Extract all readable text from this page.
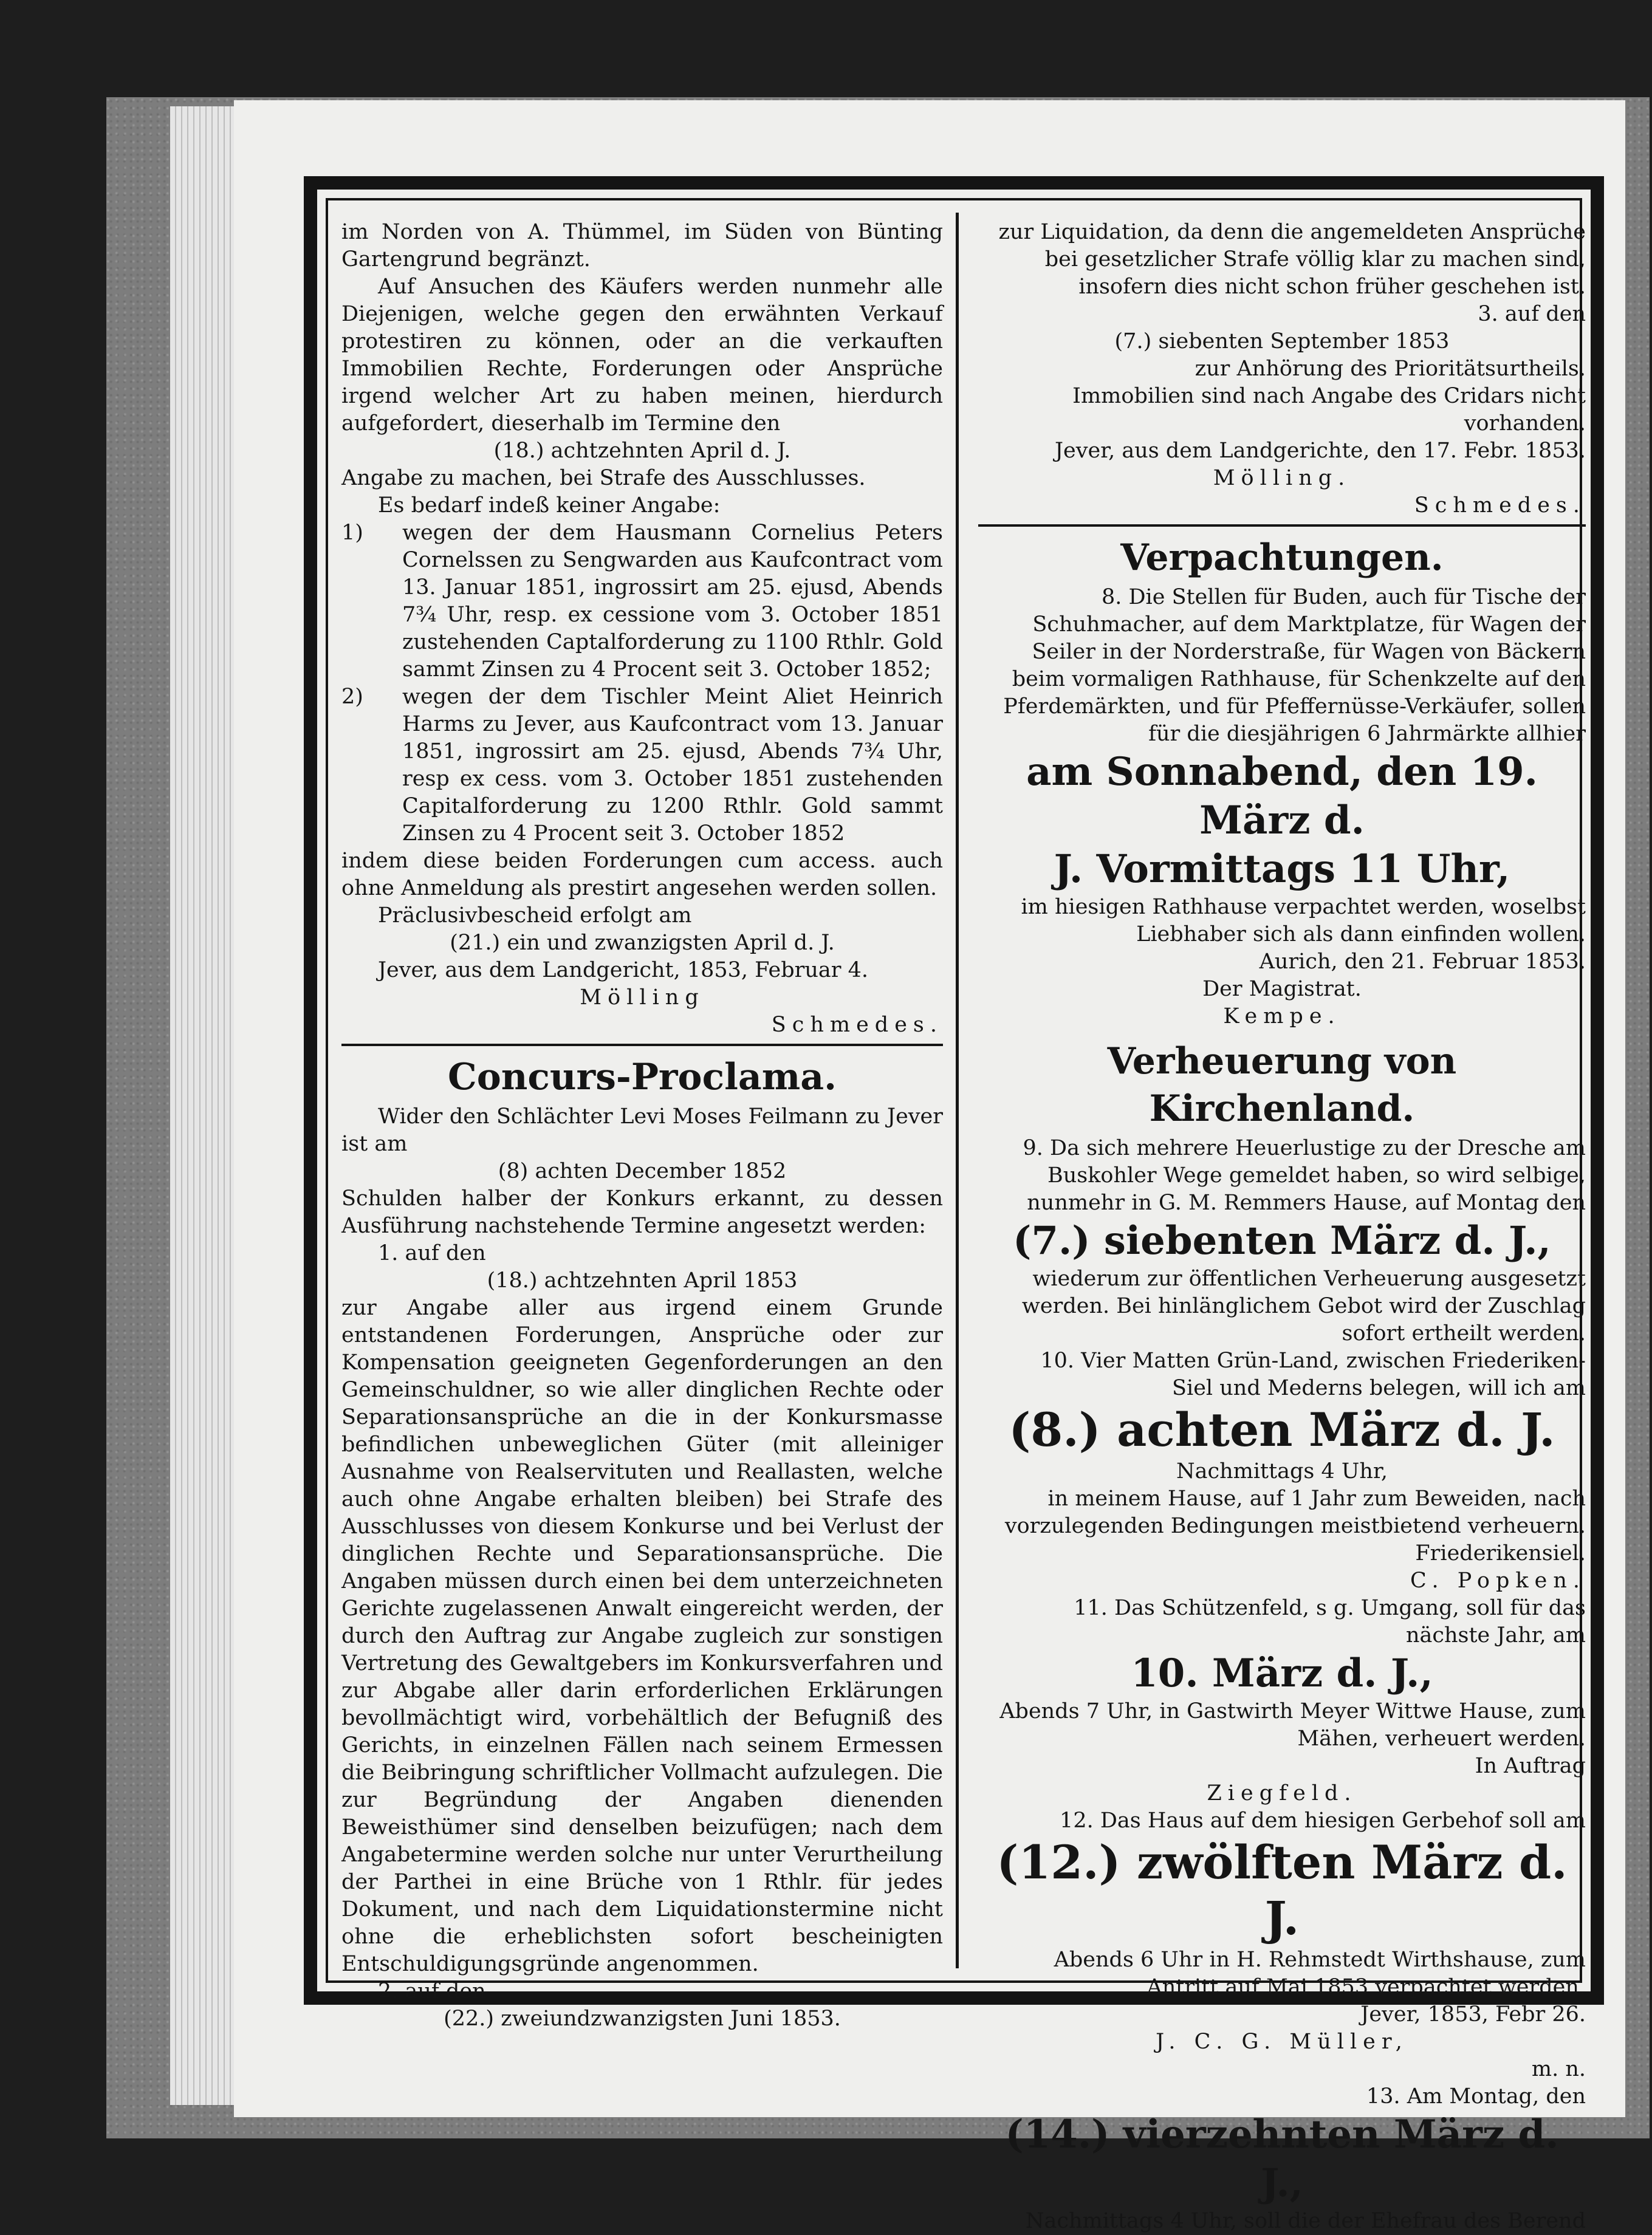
im Norden von A. Thümmel, im Süden von Bünting Gartengrund begränzt.

Auf Ansuchen des Käufers werden nunmehr alle Diejenigen, welche gegen den erwähnten Verkauf protestiren zu können, oder an die verkauften Immobilien Rechte, Forderungen oder Ansprüche irgend welcher Art zu haben meinen, hierdurch aufgefordert, dieserhalb im Termine den

(18.) achtzehnten April d. J.

Angabe zu machen, bei Strafe des Ausschlusses.

Es bedarf indeß keiner Angabe:

1)	wegen der dem Hausmann Cornelius Peters Cornelssen zu Sengwarden aus Kaufcontract vom 13. Januar 1851, ingrossirt am 25. ejusd, Abends 7¾ Uhr, resp. ex cessione vom 3. October 1851 zustehenden Captalforderung zu 1100 Rthlr. Gold sammt Zinsen zu 4 Procent seit 3. October 1852;
2)	wegen der dem Tischler Meint Aliet Heinrich Harms zu Jever, aus Kaufcontract vom 13. Januar 1851, ingrossirt am 25. ejusd, Abends 7¾ Uhr, resp ex cess. vom 3. October 1851 zustehenden Capitalforderung zu 1200 Rthlr. Gold sammt Zinsen zu 4 Procent seit 3. October 1852

indem diese beiden Forderungen cum access. auch ohne Anmeldung als prestirt angesehen werden sollen.

Präclusivbescheid erfolgt am

(21.) ein und zwanzigsten April d. J.

Jever, aus dem Landgericht, 1853, Februar 4.

Mölling

Schmedes.

Concurs-Proclama.

Wider den Schlächter Levi Moses Feilmann zu Jever ist am

(8) achten December 1852

Schulden halber der Konkurs erkannt, zu dessen Ausführung nachstehende Termine angesetzt werden:

1. auf den

(18.) achtzehnten April 1853

zur Angabe aller aus irgend einem Grunde entstandenen Forderungen, Ansprüche oder zur Kompensation geeigneten Gegenforderungen an den Gemeinschuldner, so wie aller dinglichen Rechte oder Separationsansprüche an die in der Konkursmasse befindlichen unbeweglichen Güter (mit alleiniger Ausnahme von Realservituten und Reallasten, welche auch ohne Angabe erhalten bleiben) bei Strafe des Ausschlusses von diesem Konkurse und bei Verlust der dinglichen Rechte und Separationsansprüche. Die Angaben müssen durch einen bei dem unterzeichneten Gerichte zugelassenen Anwalt eingereicht werden, der durch den Auftrag zur Angabe zugleich zur sonstigen Vertretung des Gewaltgebers im Konkursverfahren und zur Abgabe aller darin erforderlichen Erklärungen bevollmächtigt wird, vorbehältlich der Befugniß des Gerichts, in einzelnen Fällen nach seinem Ermessen die Beibringung schriftlicher Vollmacht aufzulegen. Die zur Begründung der Angaben dienenden Beweisthümer sind denselben beizufügen; nach dem Angabetermine werden solche nur unter Verurtheilung der Parthei in eine Brüche von 1 Rthlr. für jedes Dokument, und nach dem Liquidationstermine nicht ohne die erheblichsten sofort bescheinigten Entschuldigungsgründe angenommen.

2. auf den

(22.) zweiundzwanzigsten Juni 1853.

zur Liquidation, da denn die angemeldeten Ansprüche bei gesetzlicher Strafe völlig klar zu machen sind, insofern dies nicht schon früher geschehen ist.

3. auf den

(7.) siebenten September 1853

zur Anhörung des Prioritätsurtheils.

Immobilien sind nach Angabe des Cridars nicht vorhanden.

Jever, aus dem Landgerichte, den 17. Febr. 1853.

Mölling.

Schmedes.

Verpachtungen.

8. Die Stellen für Buden, auch für Tische der Schuhmacher, auf dem Marktplatze, für Wagen der Seiler in der Norderstraße, für Wagen von Bäckern beim vormaligen Rathhause, für Schenkzelte auf den Pferdemärkten, und für Pfeffernüsse-Verkäufer, sollen für die diesjährigen 6 Jahrmärkte allhier

am Sonnabend, den 19. März d.

J. Vormittags 11 Uhr,

im hiesigen Rathhause verpachtet werden, woselbst Liebhaber sich als dann einfinden wollen.

Aurich, den 21. Februar 1853.

Der Magistrat.

Kempe.

Verheuerung von Kirchenland.

9. Da sich mehrere Heuerlustige zu der Dresche am Buskohler Wege gemeldet haben, so wird selbige, nunmehr in G. M. Remmers Hause, auf Montag den

(7.) siebenten März d. J.,

wiederum zur öffentlichen Verheuerung ausgesetzt werden. Bei hinlänglichem Gebot wird der Zuschlag sofort ertheilt werden.

10. Vier Matten Grün-Land, zwischen Friederiken-Siel und Mederns belegen, will ich am

(8.) achten März d. J.

Nachmittags 4 Uhr,

in meinem Hause, auf 1 Jahr zum Beweiden, nach vorzulegenden Bedingungen meistbietend verheuern.

Friederikensiel.

C. Popken.

11. Das Schützenfeld, s g. Umgang, soll für das nächste Jahr, am

10. März d. J.,

Abends 7 Uhr, in Gastwirth Meyer Wittwe Hause, zum Mähen, verheuert werden.

In Auftrag

Ziegfeld.

12. Das Haus auf dem hiesigen Gerbehof soll am

(12.) zwölften März d. J.

Abends 6 Uhr in H. Rehmstedt Wirthshause, zum Antritt auf Mai 1853 verpachtet werden.

Jever, 1853, Febr 26.

J. C. G. Müller,

m. n.

13. Am Montag, den

(14.) vierzehnten März d. J.,

Nachmittags 4 Uhr, soll die der Ehefrau des Berend
